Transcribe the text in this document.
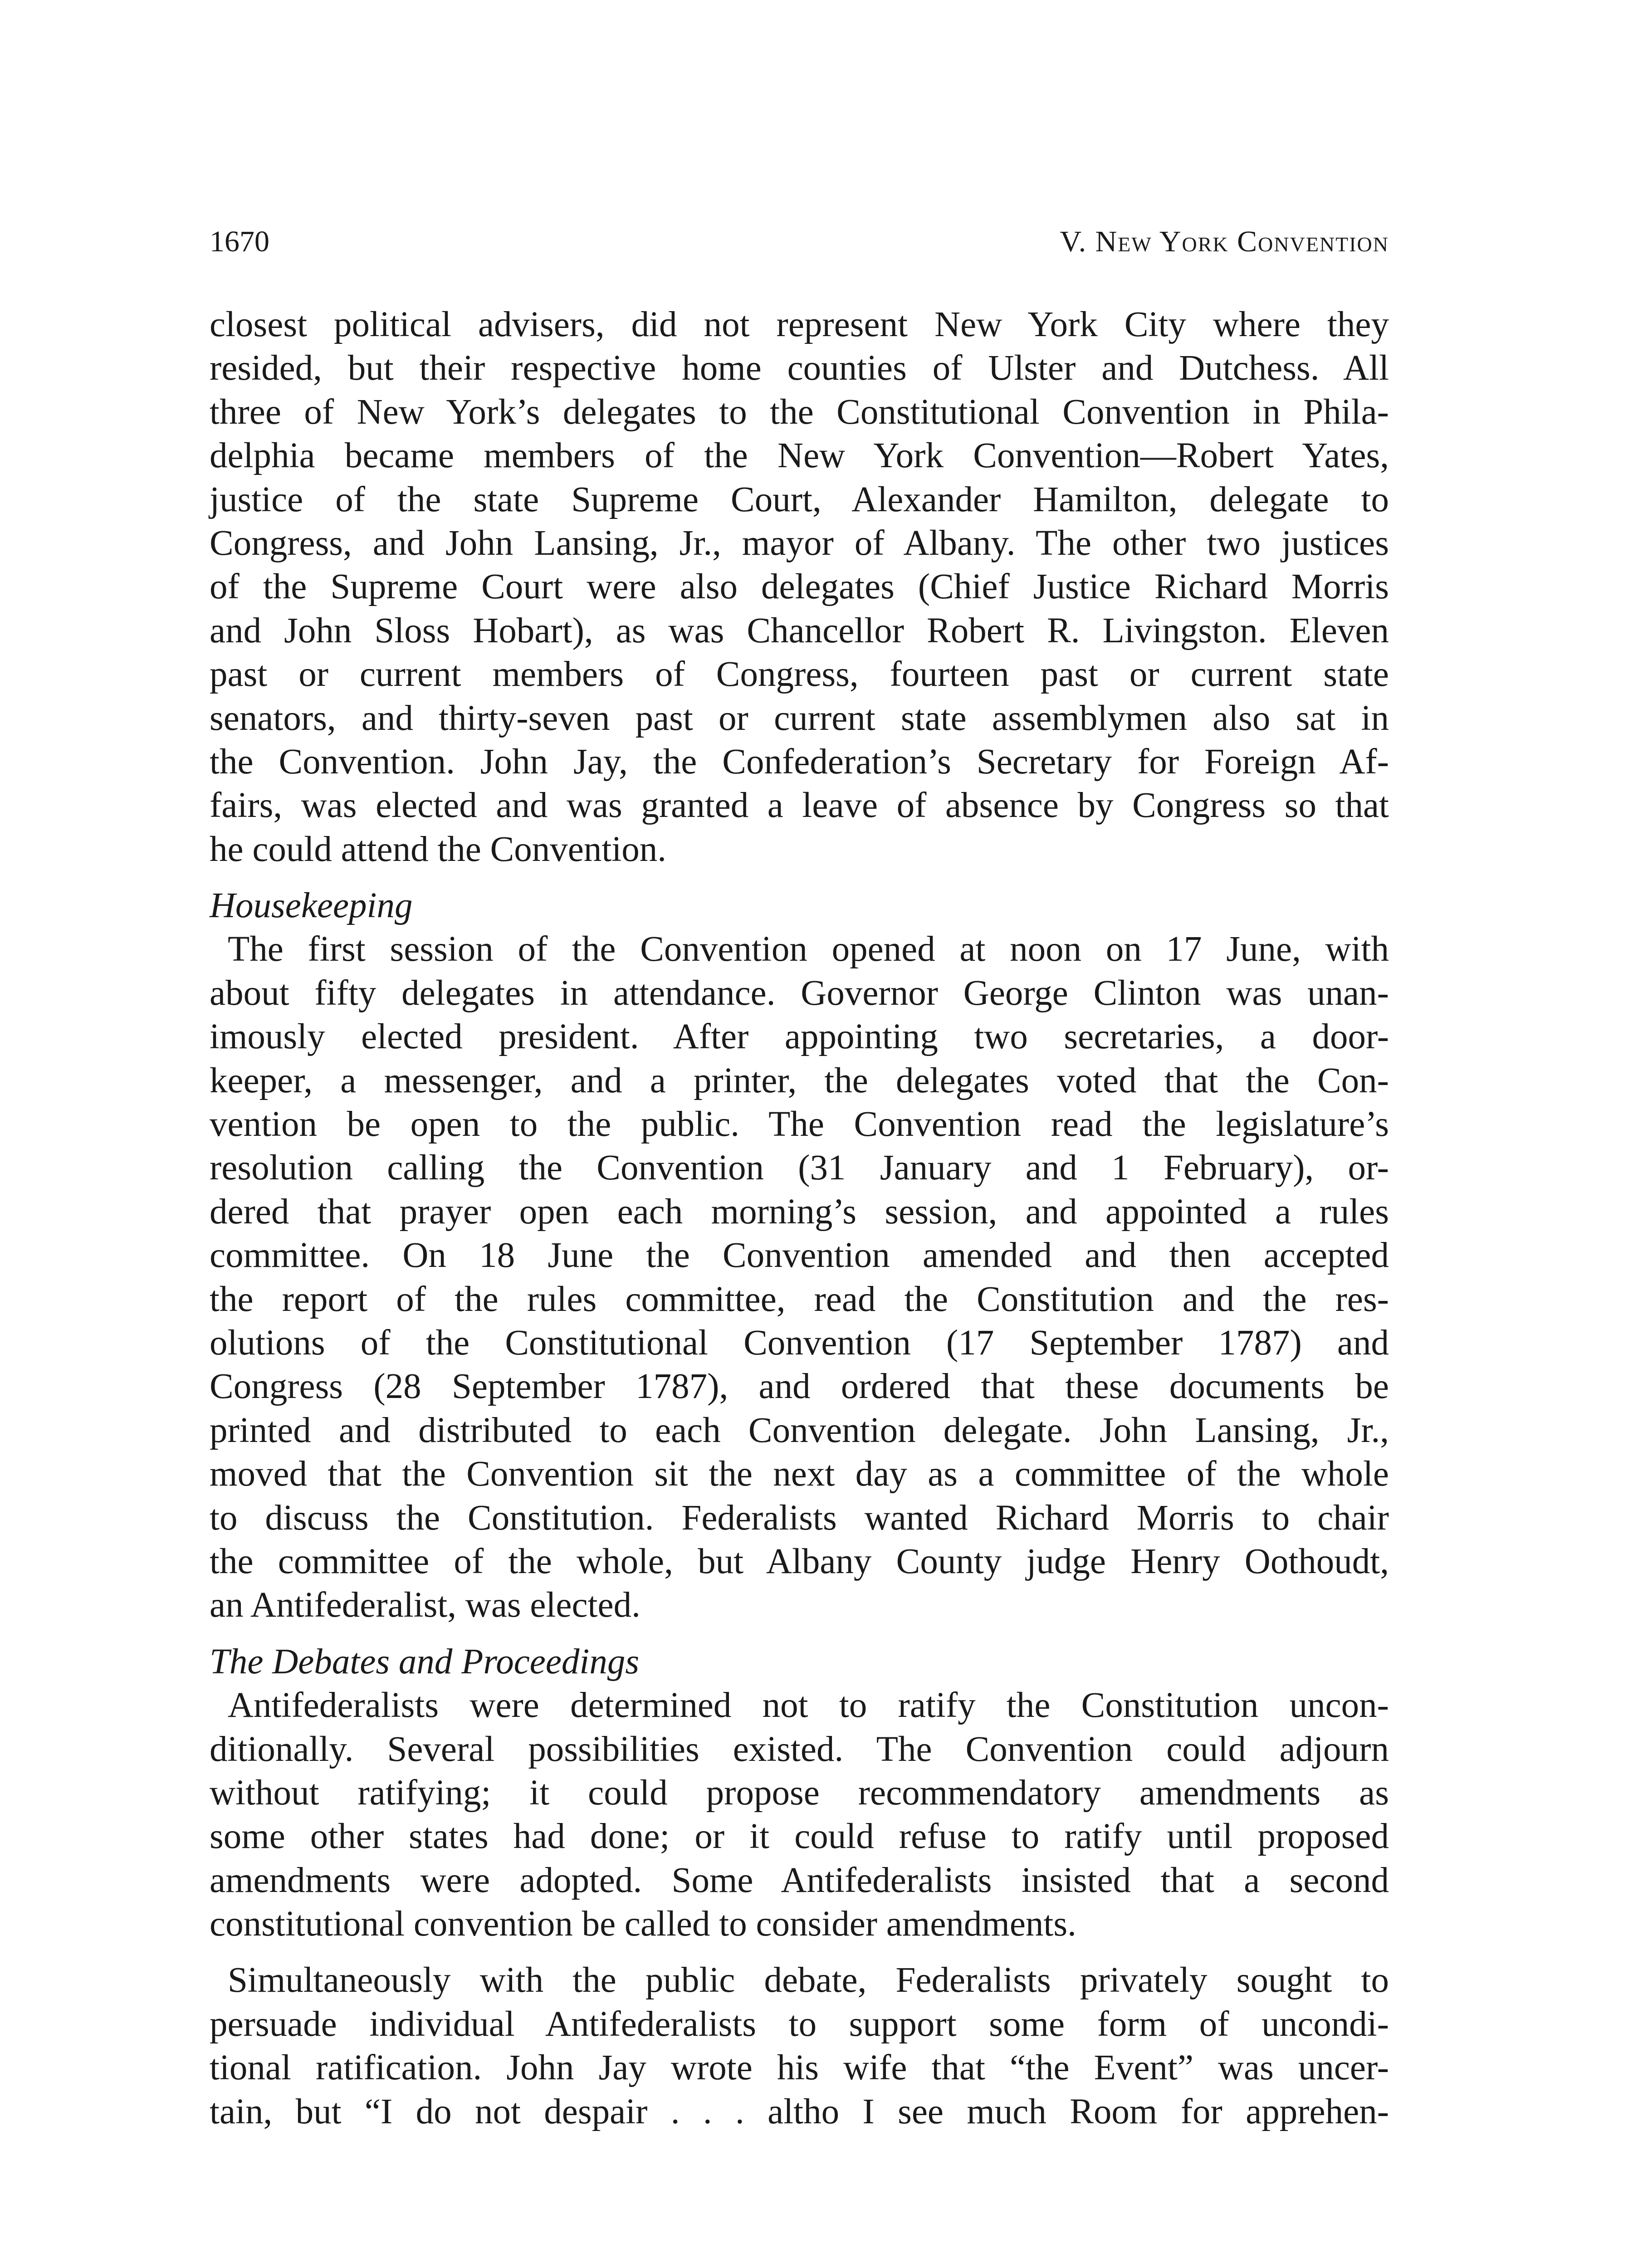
1670	V. New York Convention
closest political advisers, did not represent New York City where they
resided, but their respective home counties of Ulster and Dutchess. All
three of New York’s delegates to the Constitutional Convention in Phila-
delphia became members of the New York Convention—Robert Yates,
justice of the state Supreme Court, Alexander Hamilton, delegate to
Congress, and John Lansing, Jr., mayor of Albany. The other two justices
of the Supreme Court were also delegates (Chief Justice Richard Morris
and John Sloss Hobart), as was Chancellor Robert R. Livingston. Eleven
past or current members of Congress, fourteen past or current state
senators, and thirty-seven past or current state assemblymen also sat in
the Convention. John Jay, the Confederation’s Secretary for Foreign Af-
fairs, was elected and was granted a leave of absence by Congress so that
he could attend the Convention.
Housekeeping
The first session of the Convention opened at noon on 17 June, with
about fifty delegates in attendance. Governor George Clinton was unan-
imously elected president. After appointing two secretaries, a door-
keeper, a messenger, and a printer, the delegates voted that the Con-
vention be open to the public. The Convention read the legislature’s
resolution calling the Convention (31 January and 1 February), or-
dered that prayer open each morning’s session, and appointed a rules
committee. On 18 June the Convention amended and then accepted
the report of the rules committee, read the Constitution and the res-
olutions of the Constitutional Convention (17 September 1787) and
Congress (28 September 1787), and ordered that these documents be
printed and distributed to each Convention delegate. John Lansing, Jr.,
moved that the Convention sit the next day as a committee of the whole
to discuss the Constitution. Federalists wanted Richard Morris to chair
the committee of the whole, but Albany County judge Henry Oothoudt,
an Antifederalist, was elected.
The Debates and Proceedings
Antifederalists were determined not to ratify the Constitution uncon-
ditionally. Several possibilities existed. The Convention could adjourn
without ratifying; it could propose recommendatory amendments as
some other states had done; or it could refuse to ratify until proposed
amendments were adopted. Some Antifederalists insisted that a second
constitutional convention be called to consider amendments.
Simultaneously with the public debate, Federalists privately sought to
persuade individual Antifederalists to support some form of uncondi-
tional ratification. John Jay wrote his wife that “the Event” was uncer-
tain, but “I do not despair . . . altho I see much Room for apprehen-
